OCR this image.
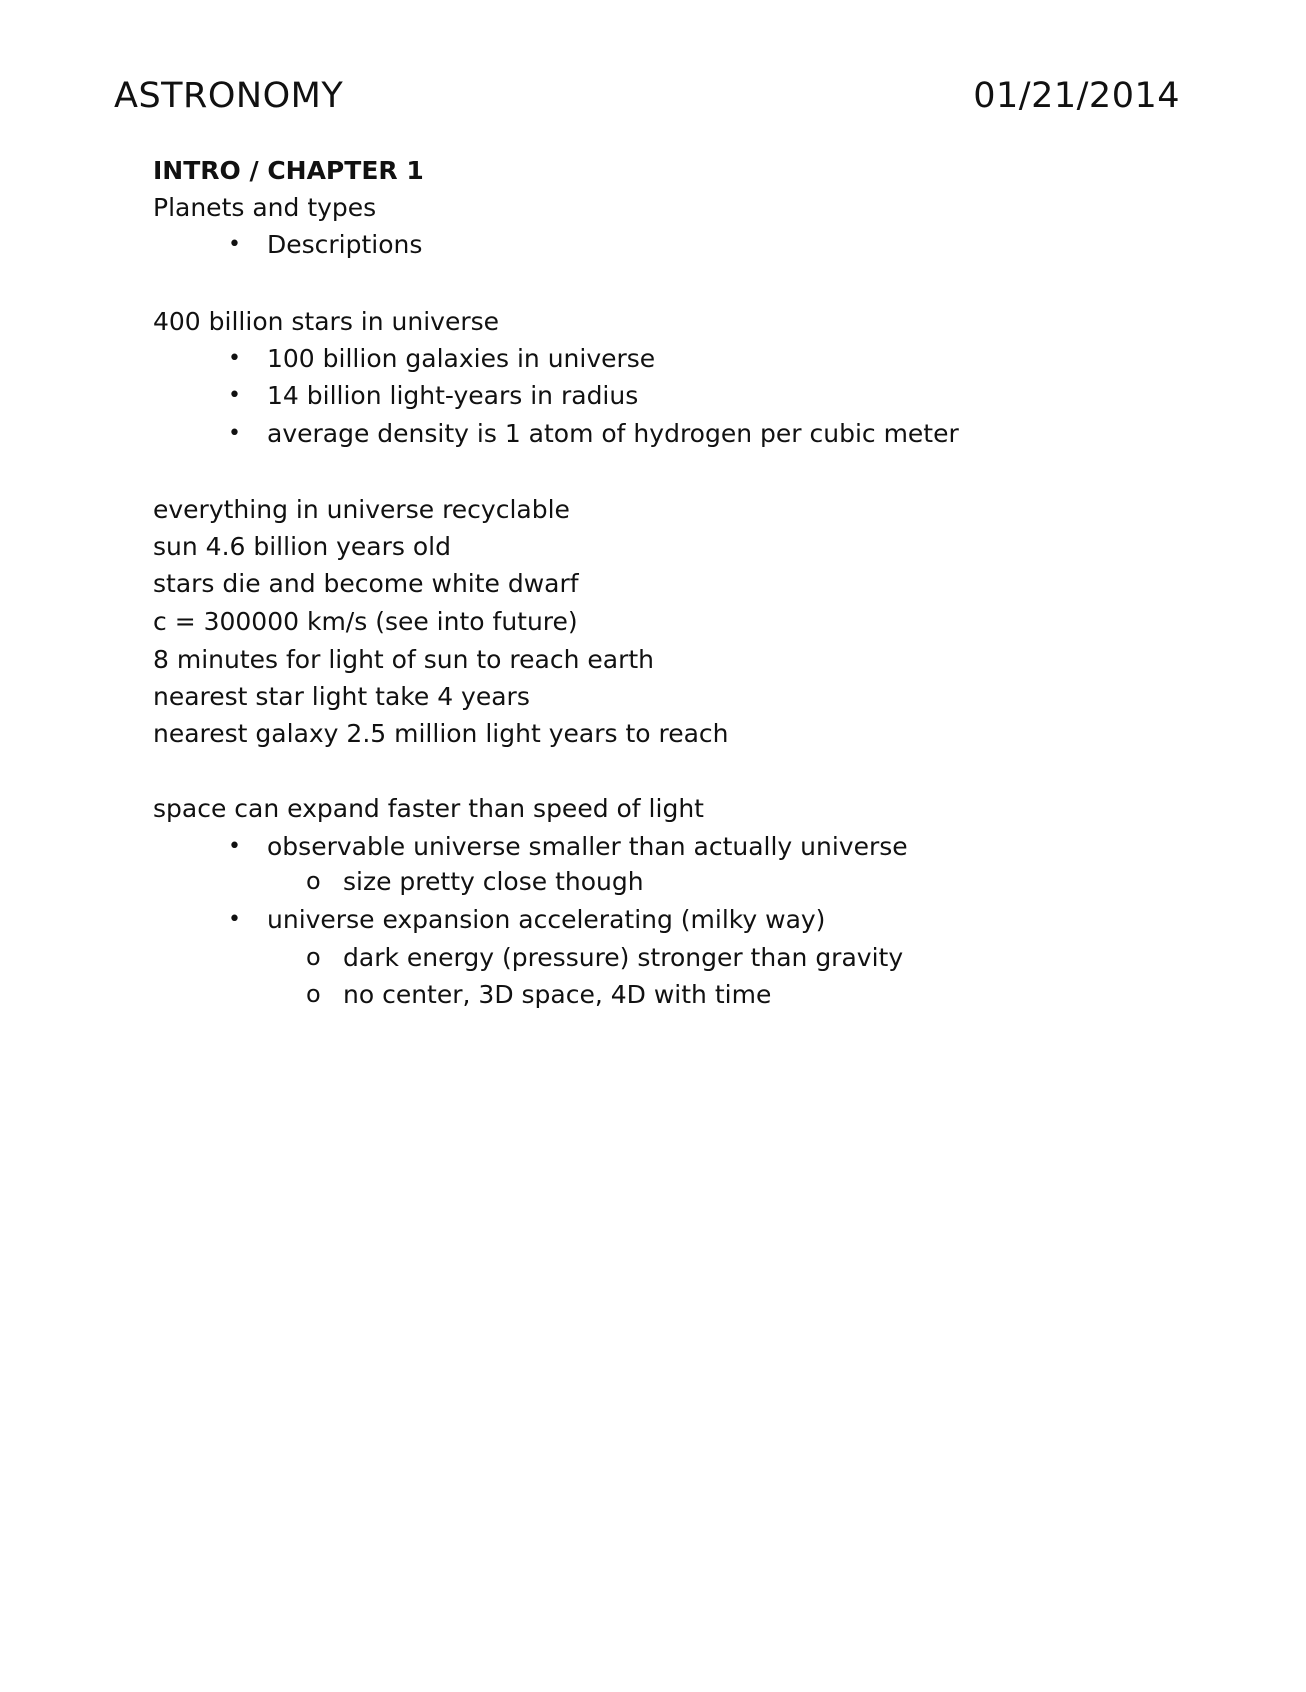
ASTRONOMY	01/21/2014
INTRO / CHAPTER 1
Planets and types
• Descriptions
400 billion stars in universe
• 100 billion galaxies in universe
• 14 billion light-years in radius
• average density is 1 atom of hydrogen per cubic meter
everything in universe recyclable
sun 4.6 billion years old
stars die and become white dwarf
c = 300000 km/s (see into future)
8 minutes for light of sun to reach earth
nearest star light take 4 years
nearest galaxy 2.5 million light years to reach
space can expand faster than speed of light
• observable universe smaller than actually universe
o size pretty close though
• universe expansion accelerating (milky way)
o dark energy (pressure) stronger than gravity
o no center, 3D space, 4D with time
